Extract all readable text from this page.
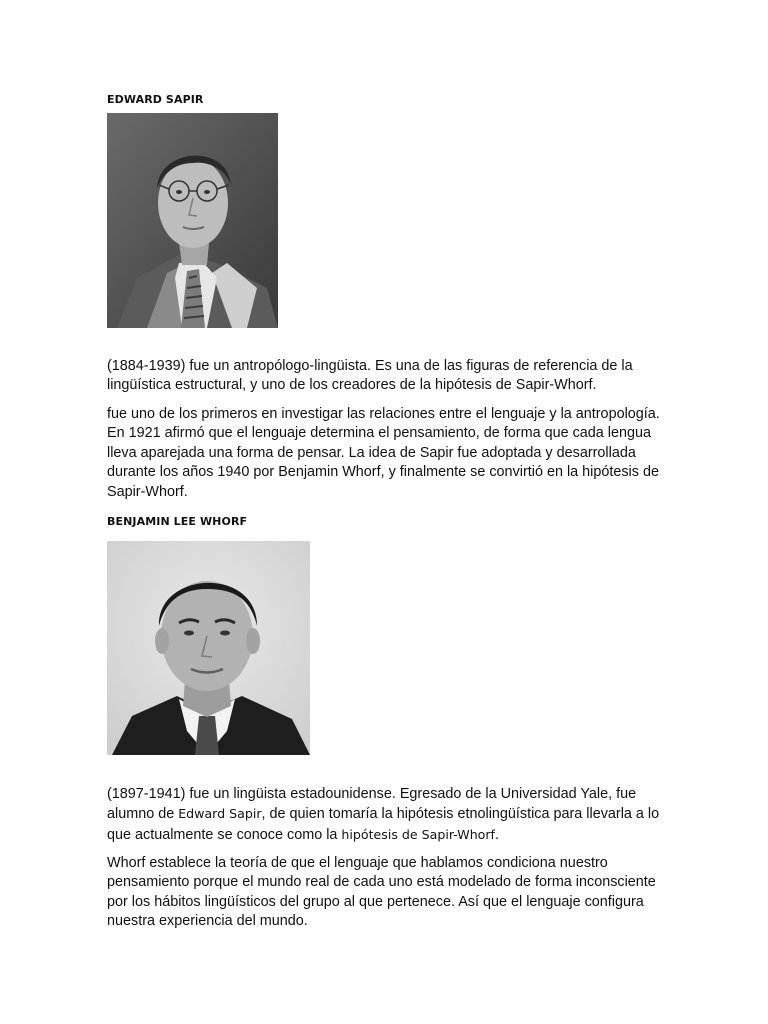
EDWARD SAPIR

(1884-1939) fue un antropólogo-lingüista. Es una de las figuras de referencia de la lingüística estructural, y uno de los creadores de la hipótesis de Sapir-Whorf.

fue uno de los primeros en investigar las relaciones entre el lenguaje y la antropología. En 1921 afirmó que el lenguaje determina el pensamiento, de forma que cada lengua lleva aparejada una forma de pensar. La idea de Sapir fue adoptada y desarrollada durante los años 1940 por Benjamin Whorf, y finalmente se convirtió en la hipótesis de Sapir-Whorf.

BENJAMIN LEE WHORF

(1897-1941) fue un lingüista estadounidense. Egresado de la Universidad Yale, fue alumno de Edward Sapir, de quien tomaría la hipótesis etnolingüística para llevarla a lo que actualmente se conoce como la hipótesis de Sapir-Whorf.

Whorf establece la teoría de que el lenguaje que hablamos condiciona nuestro pensamiento porque el mundo real de cada uno está modelado de forma inconsciente por los hábitos lingüísticos del grupo al que pertenece. Así que el lenguaje configura nuestra experiencia del mundo.
